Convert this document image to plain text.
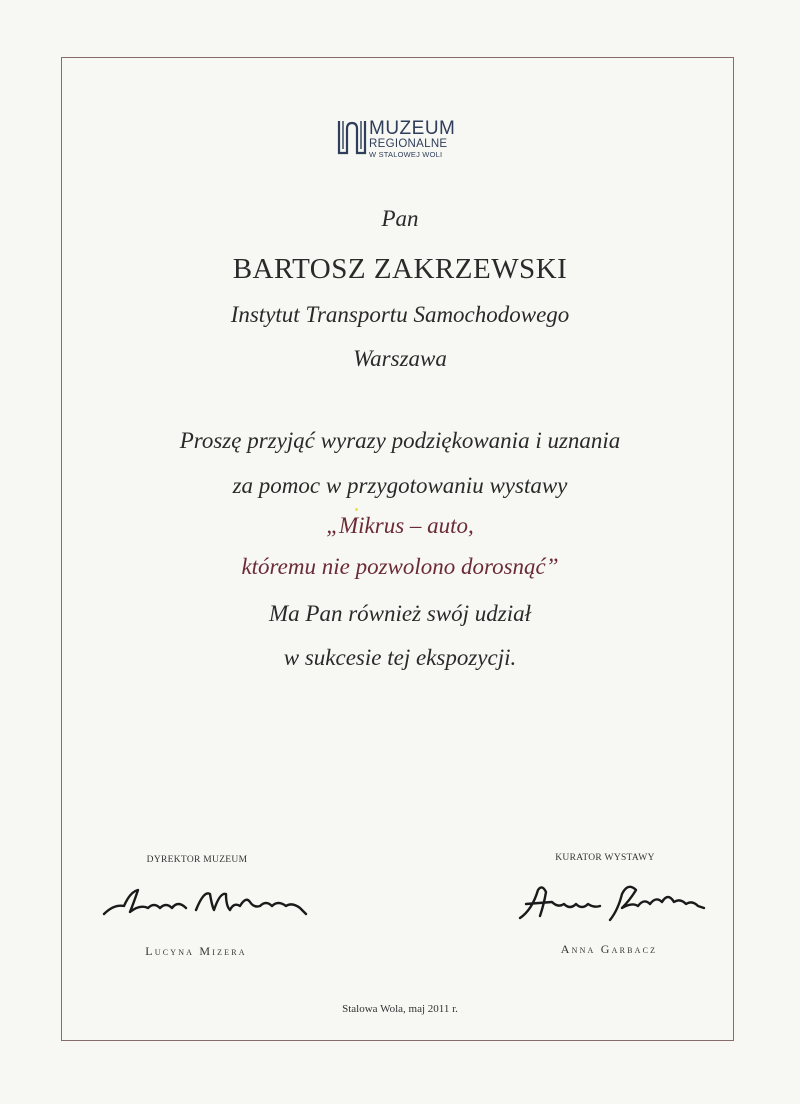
MUZEUM
REGIONALNE
W STALOWEJ WOLI
Pan
BARTOSZ ZAKRZEWSKI
Instytut Transportu Samochodowego
Warszawa
Proszę przyjąć wyrazy podziękowania i uznania
za pomoc w przygotowaniu wystawy
„Mikrus – auto,
któremu nie pozwolono dorosnąć”
Ma Pan również swój udział
w sukcesie tej ekspozycji.
DYREKTOR MUZEUM	KURATOR WYSTAWY
Lucyna Mizera	Anna Garbacz
Stalowa Wola, maj 2011 r.
